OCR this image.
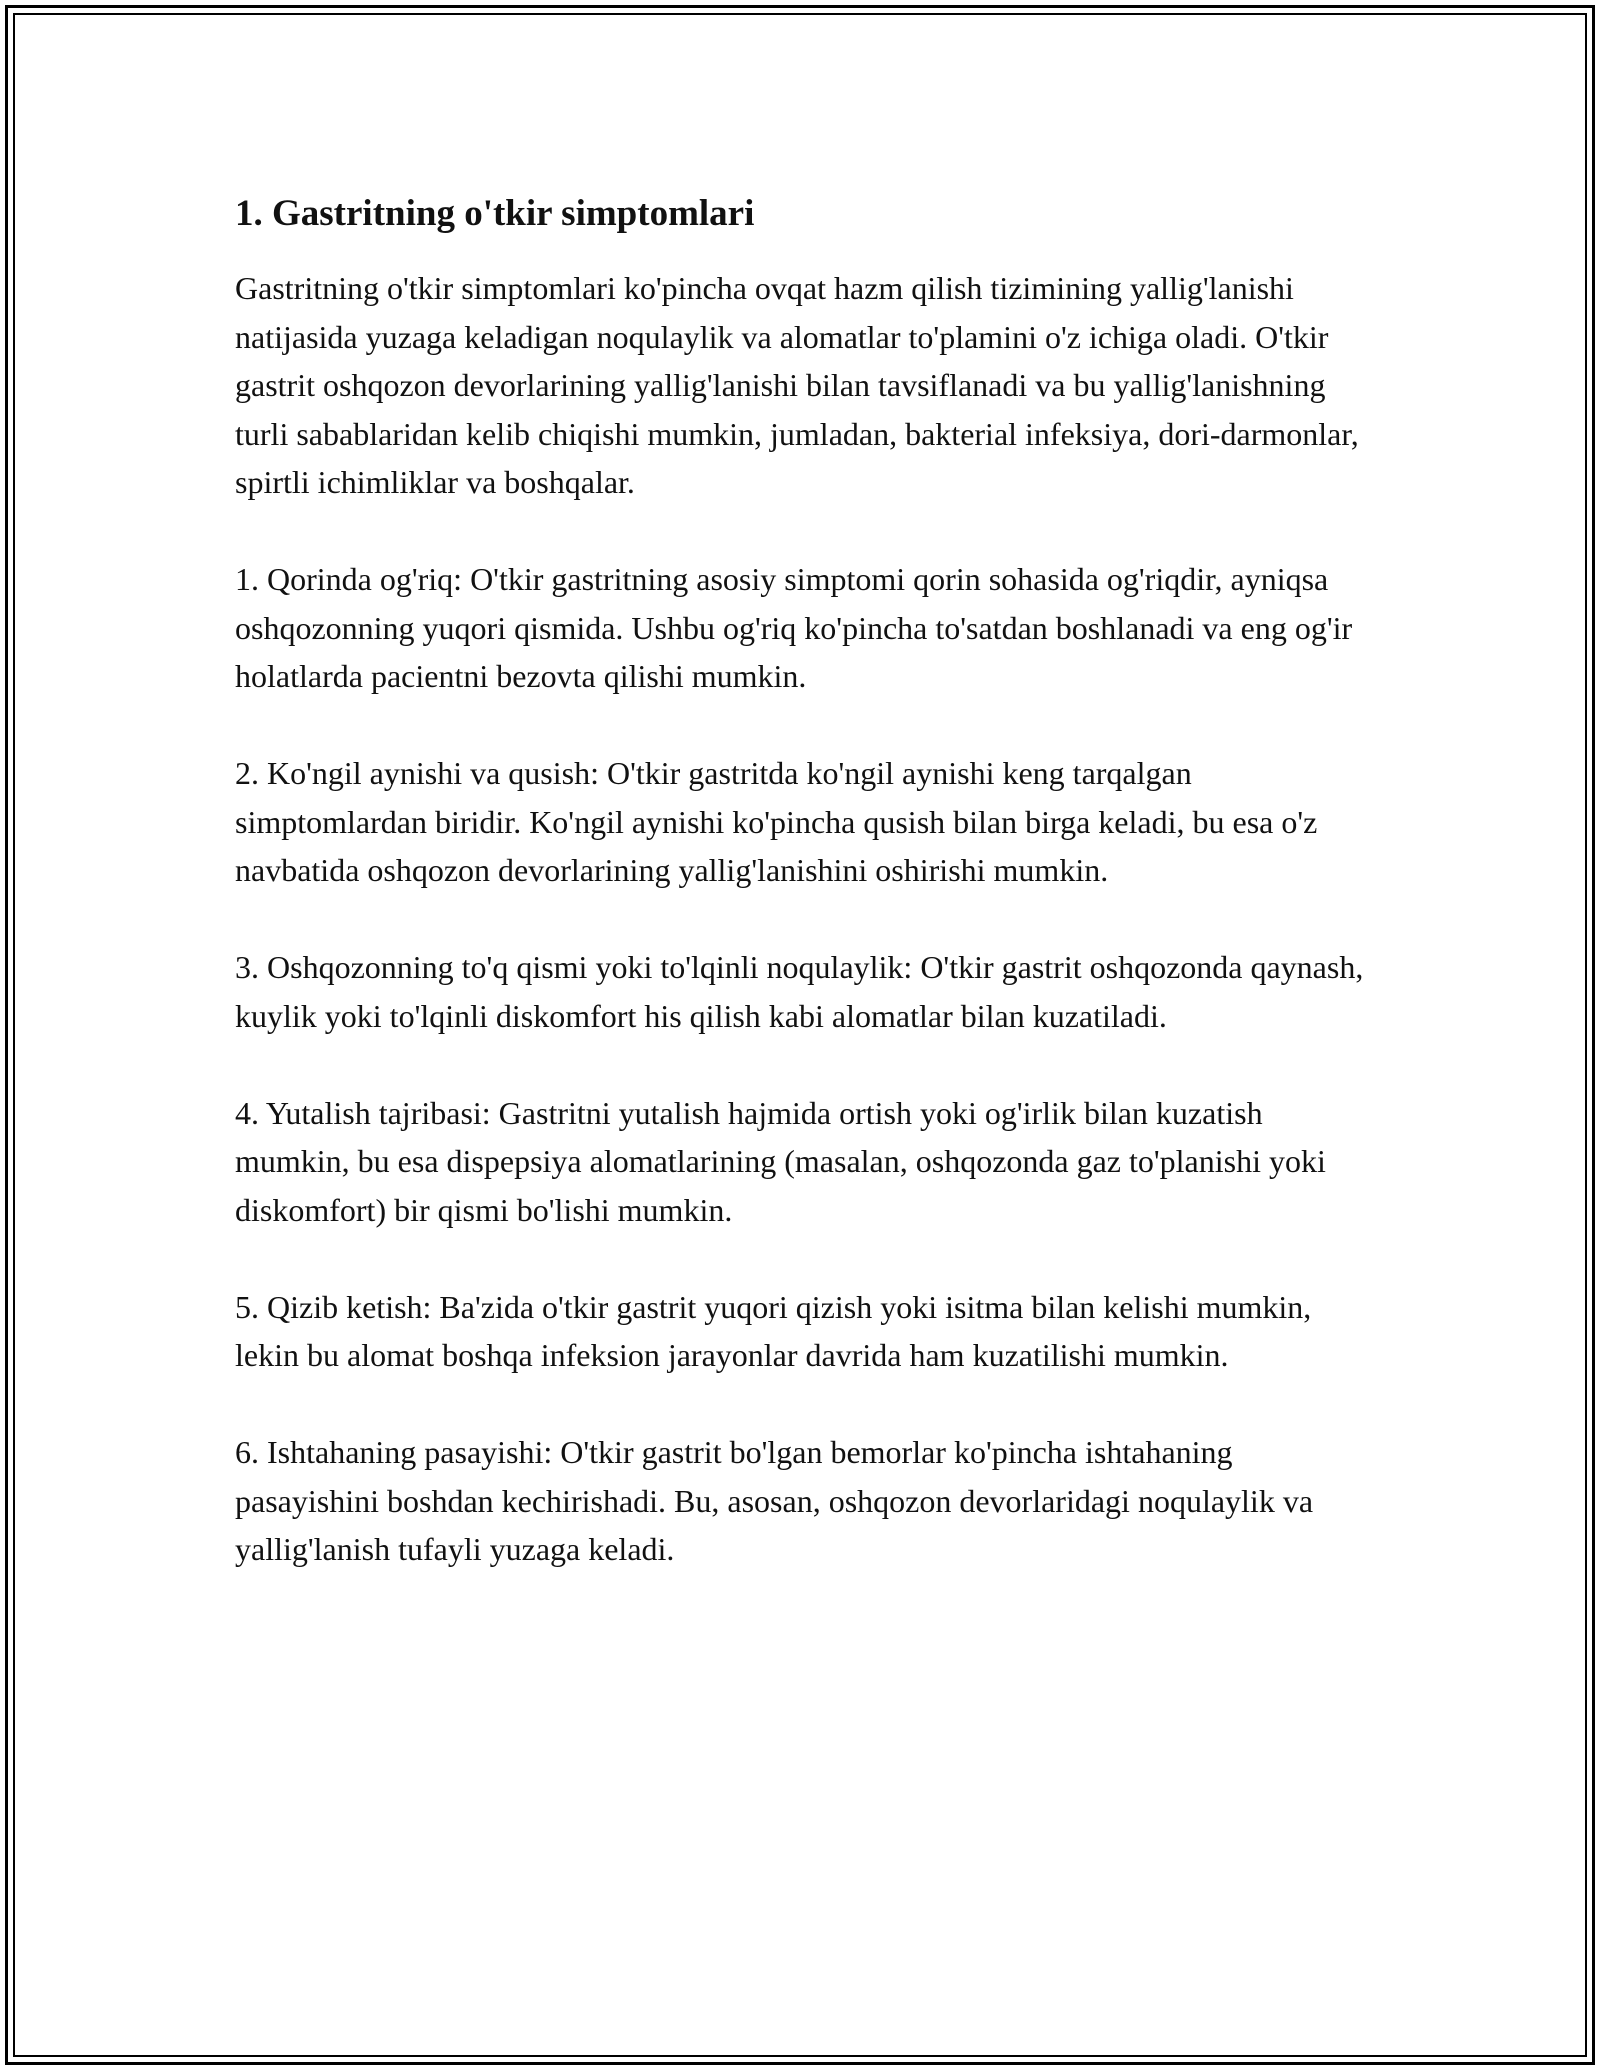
1. Gastritning o'tkir simptomlari

Gastritning o'tkir simptomlari ko'pincha ovqat hazm qilish tizimining yallig'lanishi natijasida yuzaga keladigan noqulaylik va alomatlar to'plamini o'z ichiga oladi. O'tkir gastrit oshqozon devorlarining yallig'lanishi bilan tavsiflanadi va bu yallig'lanishning turli sabablaridan kelib chiqishi mumkin, jumladan, bakterial infeksiya, dori-darmonlar, spirtli ichimliklar va boshqalar.

1. Qorinda og'riq: O'tkir gastritning asosiy simptomi qorin sohasida og'riqdir, ayniqsa oshqozonning yuqori qismida. Ushbu og'riq ko'pincha to'satdan boshlanadi va eng og'ir holatlarda pacientni bezovta qilishi mumkin.

2. Ko'ngil aynishi va qusish: O'tkir gastritda ko'ngil aynishi keng tarqalgan simptomlardan biridir. Ko'ngil aynishi ko'pincha qusish bilan birga keladi, bu esa o'z navbatida oshqozon devorlarining yallig'lanishini oshirishi mumkin.

3. Oshqozonning to'q qismi yoki to'lqinli noqulaylik: O'tkir gastrit oshqozonda qaynash, kuylik yoki to'lqinli diskomfort his qilish kabi alomatlar bilan kuzatiladi.

4. Yutalish tajribasi: Gastritni yutalish hajmida ortish yoki og'irlik bilan kuzatish mumkin, bu esa dispepsiya alomatlarining (masalan, oshqozonda gaz to'planishi yoki diskomfort) bir qismi bo'lishi mumkin.

5. Qizib ketish: Ba'zida o'tkir gastrit yuqori qizish yoki isitma bilan kelishi mumkin, lekin bu alomat boshqa infeksion jarayonlar davrida ham kuzatilishi mumkin.

6. Ishtahaning pasayishi: O'tkir gastrit bo'lgan bemorlar ko'pincha ishtahaning pasayishini boshdan kechirishadi. Bu, asosan, oshqozon devorlaridagi noqulaylik va yallig'lanish tufayli yuzaga keladi.
